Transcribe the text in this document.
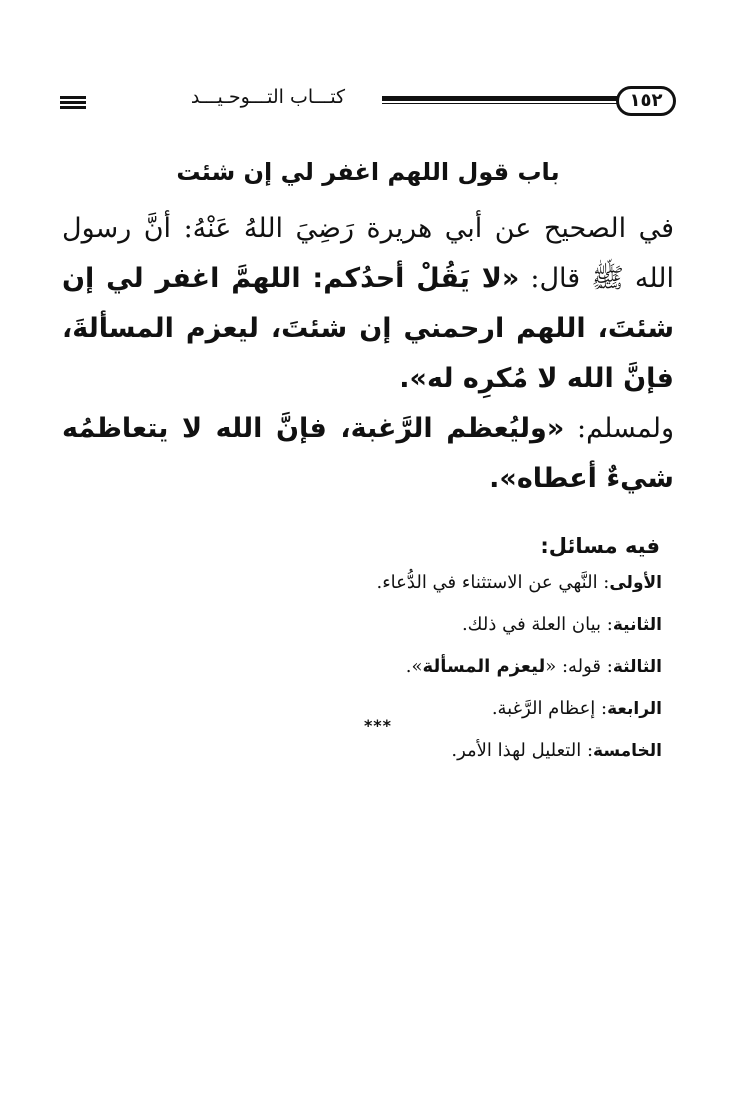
كتـــاب التـــوحـيـــد	١٥٢
باب قول اللهم اغفر لي إن شئت

في الصحيح عن أبي هريرة رَضِيَ اللهُ عَنْهُ: أنَّ رسول الله ﷺ قال: «لا يَقُلْ أحدُكم: اللهمَّ اغفر لي إن شئتَ، اللهم ارحمني إن شئتَ، ليعزم المسألةَ، فإنَّ الله لا مُكرِه له».

ولمسلم: «وليُعظم الرَّغبة، فإنَّ الله لا يتعاظمُه شيءٌ أعطاه».

فيه مسائل:
الأولى: النَّهي عن الاستثناء في الدُّعاء.
الثانية: بيان العلة في ذلك.
الثالثة: قوله: «ليعزم المسألة».
الرابعة: إعظام الرَّغبة.
الخامسة: التعليل لهذا الأمر.
***
